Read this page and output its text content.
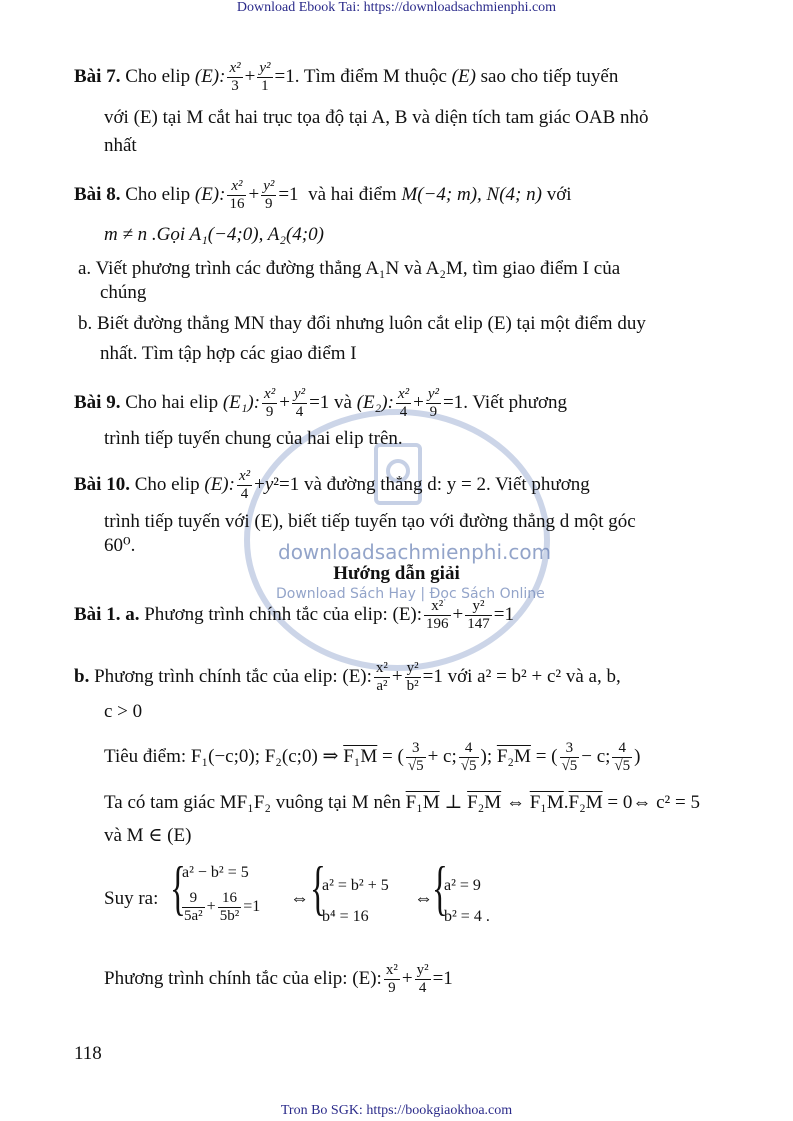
Download Ebook Tai: https://downloadsachmienphi.com
downloadsachmienphi.com
Download Sách Hay | Đọc Sách Online
Bài 7. Cho elip (E): $\frac{\text{x²}}{3} + \frac{\text{y²}}{1} =1$. Tìm điểm M thuộc (E) sao cho tiếp tuyến
với (E) tại M cắt hai trục tọa độ tại A, B và diện tích tam giác OAB nhỏ
nhất
Bài 8. Cho elip (E): $\frac{\text{x²}}{16} + \frac{\text{y²}}{9} =1$  và hai điểm M(−4; m), N(4; n) với
m ≠ n .Gọi A₁(−4;0), A₂(4;0)
a. Viết phương trình các đường thẳng A₁N và A₂M, tìm giao điểm I của
chúng
b. Biết đường thẳng MN thay đổi nhưng luôn cắt elip (E) tại một điểm duy
nhất. Tìm tập hợp các giao điểm I
Bài 9. Cho hai elip (E₁): $\frac{\text{x²}}{9} + \frac{\text{y²}}{4} =1$ và (E₂): $\frac{\text{x²}}{4} + \frac{\text{y²}}{9} =1$. Viết phương
trình tiếp tuyến chung của hai elip trên.
Bài 10. Cho elip (E): $\frac{\text{x²}}{4} +y^2=1$ và đường thẳng d: y = 2. Viết phương
trình tiếp tuyến với (E), biết tiếp tuyến tạo với đường thẳng d một góc
60⁰.
Hướng dẫn giải
Bài 1. a. Phương trình chính tắc của elip: (E): $\frac{\text{x²}}{196} + \frac{\text{y²}}{147} =1$
b. Phương trình chính tắc của elip: (E): $\frac{\text{x²}}{\text{a²}} + \frac{\text{y²}}{\text{b²}} =1$ với a² = b² + c² và a, b,
c > 0
Tiêu điểm: F₁(−c;0); F₂(c;0) ⇒ F₁M = ( $\frac{3}{√5} + c$; $\frac{4}{√5}$ ); F₂M = ( $\frac{3}{√5} - c$; $\frac{4}{√5}$ )
Ta có tam giác MF₁F₂ vuông tại M nên F₁M ⊥ F₂M ⇔ F₁M.F₂M = 0⇔ c² = 5
và M ∈ (E)
Suy ra: {
a² − b² = 5
$\frac{9}{\text{5a²}} + \frac{16}{\text{5b²}} =1$ ⇔ {
a² = b² + 5
b⁴ = 16
⇔ {
a² = 9
b² = 4 .
Phương trình chính tắc của elip: (E): $\frac{\text{x²}}{9} + \frac{\text{y²}}{4} =1$
118
Tron Bo SGK: https://bookgiaokhoa.com
